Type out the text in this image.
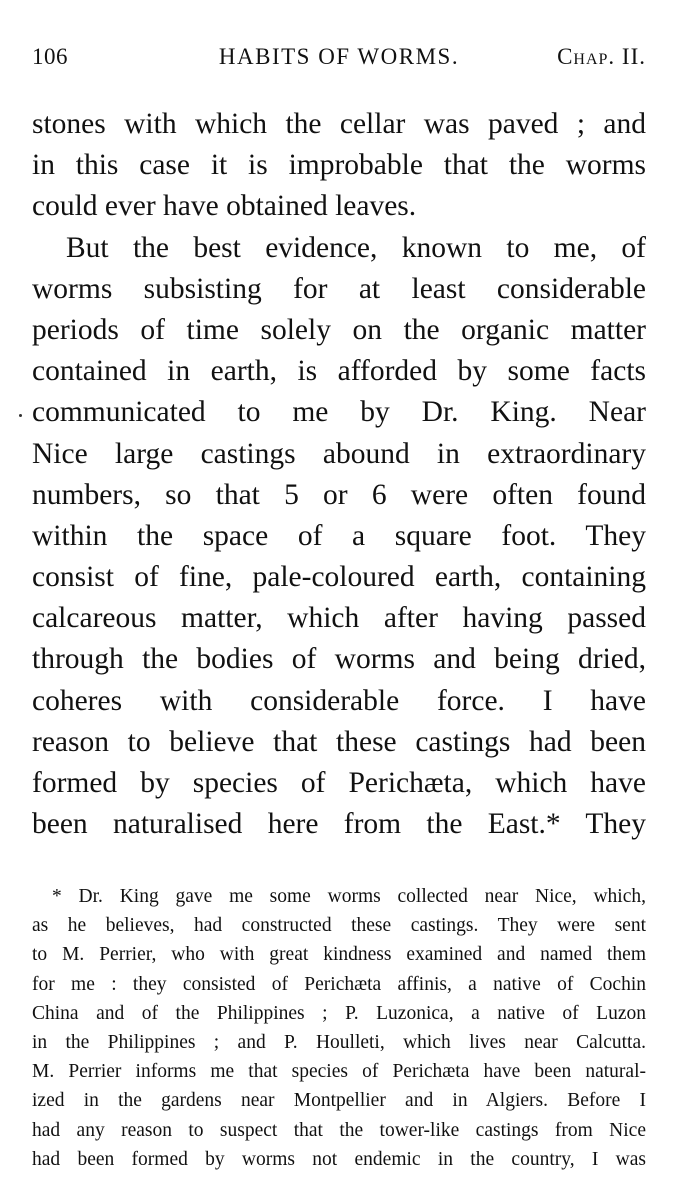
106	HABITS OF WORMS.	Chap. II.
stones with which the cellar was paved ; and
in this case it is improbable that the worms
could ever have obtained leaves.
But the best evidence, known to me, of
worms subsisting for at least considerable
periods of time solely on the organic matter
contained in earth, is afforded by some facts
communicated to me by Dr. King. Near
Nice large castings abound in extraordinary
numbers, so that 5 or 6 were often found
within the space of a square foot. They
consist of fine, pale-coloured earth, containing
calcareous matter, which after having passed
through the bodies of worms and being dried,
coheres with considerable force. I have
reason to believe that these castings had been
formed by species of Perichæta, which have
been naturalised here from the East.* They
* Dr. King gave me some worms collected near Nice, which,
as he believes, had constructed these castings. They were sent
to M. Perrier, who with great kindness examined and named them
for me : they consisted of Perichæta affinis, a native of Cochin
China and of the Philippines ; P. Luzonica, a native of Luzon
in the Philippines ; and P. Houlleti, which lives near Calcutta.
M. Perrier informs me that species of Perichæta have been natural-
ized in the gardens near Montpellier and in Algiers. Before I
had any reason to suspect that the tower-like castings from Nice
had been formed by worms not endemic in the country, I was
